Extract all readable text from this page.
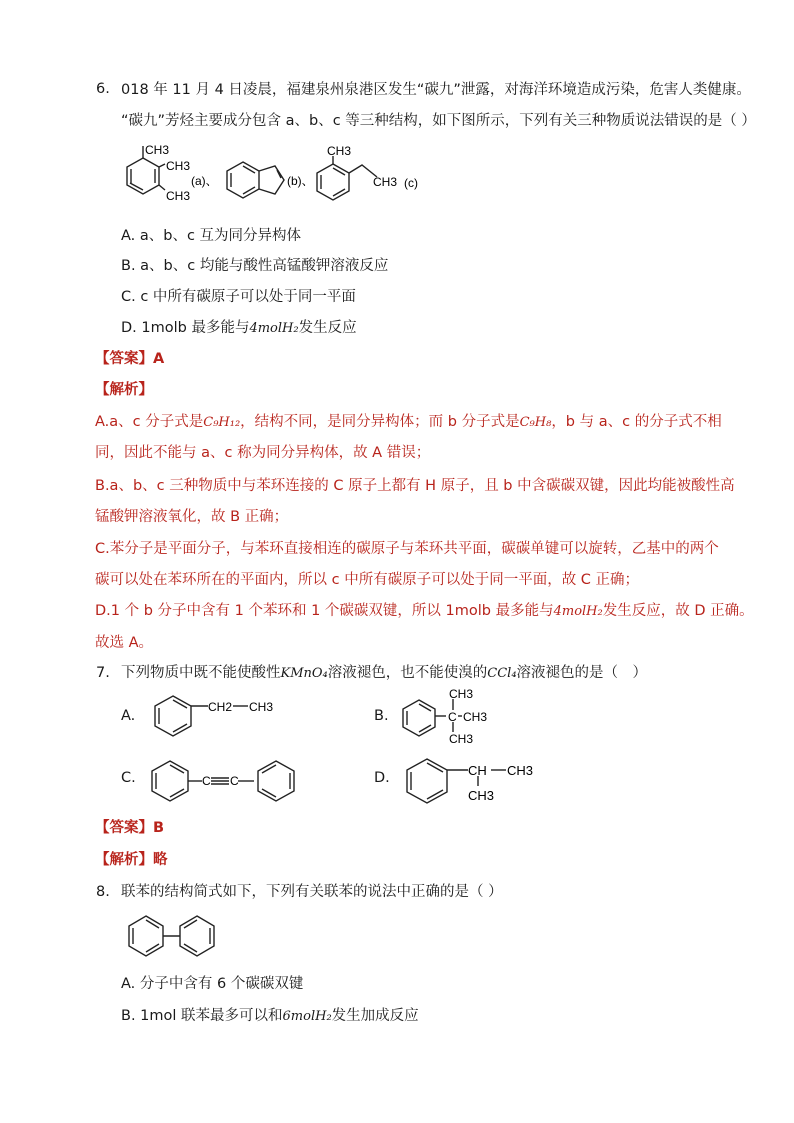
6. 018 年 11 月 4 日凌晨，福建泉州泉港区发生“碳九”泄露，对海洋环境造成污染，危害人类健康。
“碳九”芳烃主要成分包含 a、b、c 等三种结构，如下图所示，下列有关三种物质说法错误的是（ ）
CH3
CH3
CH3
(a)、	(b)、
CH3
CH3 (c)
A. a、b、c 互为同分异构体
B. a、b、c 均能与酸性高锰酸钾溶液反应
C. c 中所有碳原子可以处于同一平面
D. 1molb 最多能与4molH₂发生反应
【答案】A
【解析】
A.a、c 分子式是C₉H₁₂，结构不同，是同分异构体；而 b 分子式是C₉H₈，b 与 a、c 的分子式不相
同，因此不能与 a、c 称为同分异构体，故 A 错误；
B.a、b、c 三种物质中与苯环连接的 C 原子上都有 H 原子，且 b 中含碳碳双键，因此均能被酸性高
锰酸钾溶液氧化，故 B 正确；
C.苯分子是平面分子，与苯环直接相连的碳原子与苯环共平面，碳碳单键可以旋转，乙基中的两个
碳可以处在苯环所在的平面内，所以 c 中所有碳原子可以处于同一平面，故 C 正确；
D.1 个 b 分子中含有 1 个苯环和 1 个碳碳双键，所以 1molb 最多能与4molH₂发生反应，故 D 正确。
故选 A。
7. 下列物质中既不能使酸性KMnO₄溶液褪色，也不能使溴的CCl₄溶液褪色的是（　）
A.
CH2 CH3
B.
CH3
C CH3
CH3
C.	C C	D.	CH CH3
CH3
【答案】B
【解析】略
8. 联苯的结构简式如下，下列有关联苯的说法中正确的是（ ）
A. 分子中含有 6 个碳碳双键
B. 1mol 联苯最多可以和6molH₂发生加成反应
